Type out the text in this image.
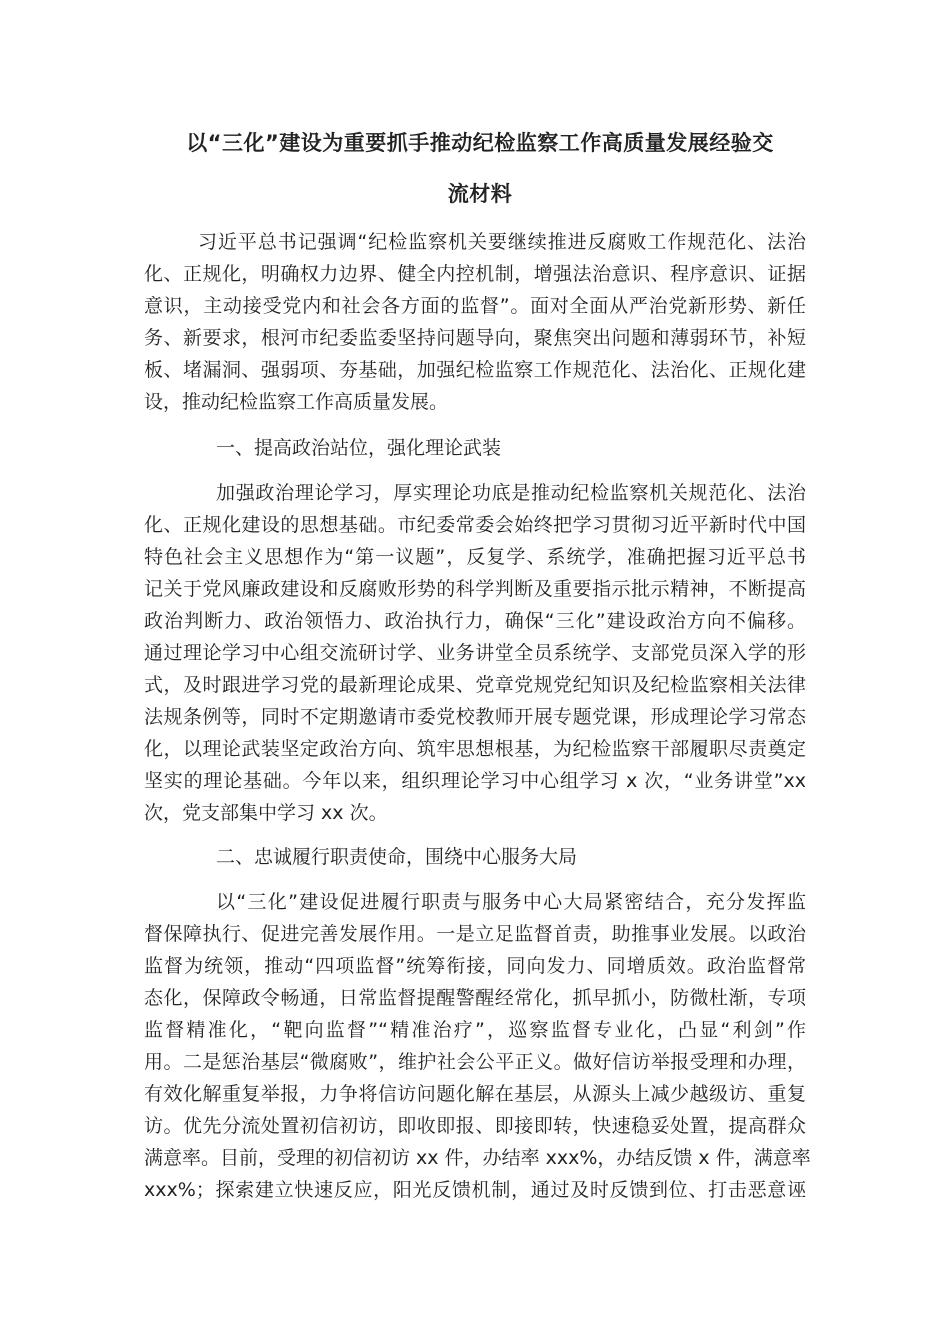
以“三化”建设为重要抓手推动纪检监察工作高质量发展经验交
流材料
习近平总书记强调“纪检监察机关要继续推进反腐败工作规范化、法治
化、正规化，明确权力边界、健全内控机制，增强法治意识、程序意识、证据
意识，主动接受党内和社会各方面的监督”。面对全面从严治党新形势、新任
务、新要求，根河市纪委监委坚持问题导向，聚焦突出问题和薄弱环节，补短
板、堵漏洞、强弱项、夯基础，加强纪检监察工作规范化、法治化、正规化建
设，推动纪检监察工作高质量发展。
一、提高政治站位，强化理论武装
加强政治理论学习，厚实理论功底是推动纪检监察机关规范化、法治
化、正规化建设的思想基础。市纪委常委会始终把学习贯彻习近平新时代中国
特色社会主义思想作为“第一议题”，反复学、系统学，准确把握习近平总书
记关于党风廉政建设和反腐败形势的科学判断及重要指示批示精神，不断提高
政治判断力、政治领悟力、政治执行力，确保“三化”建设政治方向不偏移。
通过理论学习中心组交流研讨学、业务讲堂全员系统学、支部党员深入学的形
式，及时跟进学习党的最新理论成果、党章党规党纪知识及纪检监察相关法律
法规条例等，同时不定期邀请市委党校教师开展专题党课，形成理论学习常态
化，以理论武装坚定政治方向、筑牢思想根基，为纪检监察干部履职尽责奠定
坚实的理论基础。今年以来，组织理论学习中心组学习 x 次，“业务讲堂”xx
次，党支部集中学习 xx 次。
二、忠诚履行职责使命，围绕中心服务大局
以“三化”建设促进履行职责与服务中心大局紧密结合，充分发挥监
督保障执行、促进完善发展作用。一是立足监督首责，助推事业发展。以政治
监督为统领，推动“四项监督”统筹衔接，同向发力、同增质效。政治监督常
态化，保障政令畅通，日常监督提醒警醒经常化，抓早抓小，防微杜渐，专项
监督精准化，“靶向监督”“精准治疗”，巡察监督专业化，凸显“利剑”作
用。二是惩治基层“微腐败”，维护社会公平正义。做好信访举报受理和办理，
有效化解重复举报，力争将信访问题化解在基层，从源头上减少越级访、重复
访。优先分流处置初信初访，即收即报、即接即转，快速稳妥处置，提高群众
满意率。目前，受理的初信初访 xx 件，办结率 xxx%，办结反馈 x 件，满意率
xxx%；探索建立快速反应，阳光反馈机制，通过及时反馈到位、打击恶意诬
